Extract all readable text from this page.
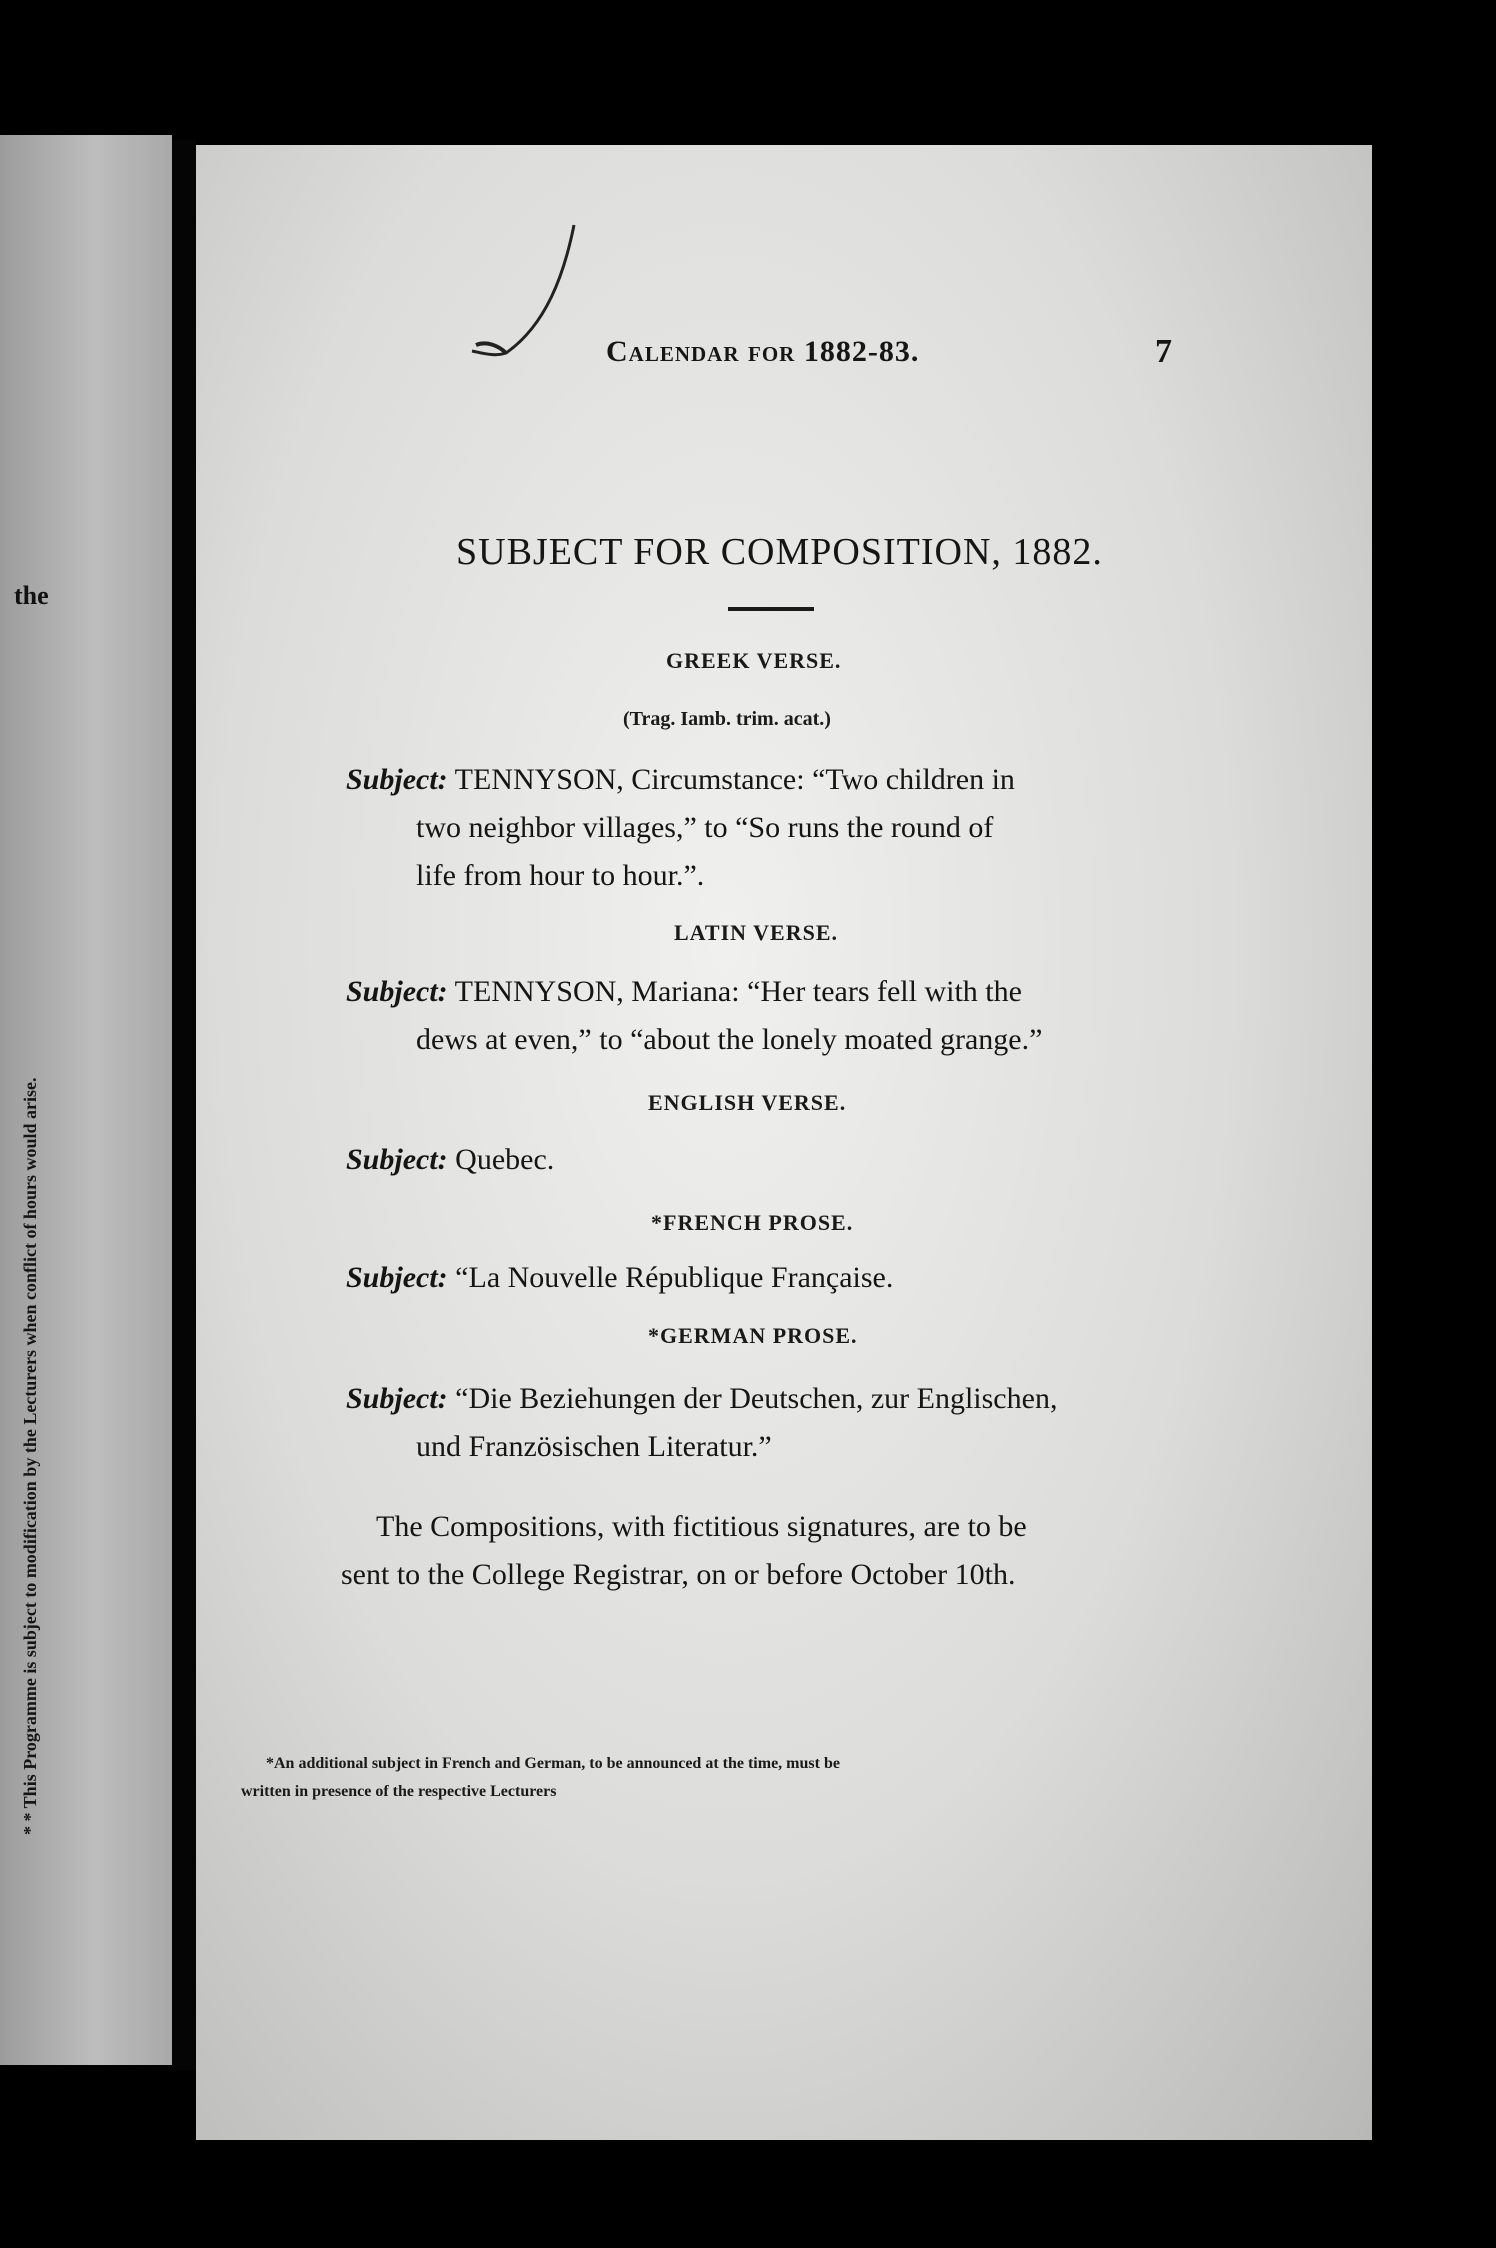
the
* * This Programme is subject to modification by the Lecturers when conflict of hours would arise.
Calendar for 1882-83.	7
SUBJECT FOR COMPOSITION, 1882.
GREEK VERSE.
(Trag. Iamb. trim. acat.)
Subject: TENNYSON, Circumstance: “Two children in
two neighbor villages,” to “So runs the round of
life from hour to hour.”.
LATIN VERSE.
Subject: TENNYSON, Mariana: “Her tears fell with the
dews at even,” to “about the lonely moated grange.”
ENGLISH VERSE.
Subject: Quebec.
*FRENCH PROSE.
Subject: “La Nouvelle République Française.
*GERMAN PROSE.
Subject: “Die Beziehungen der Deutschen, zur Englischen,
und Französischen Literatur.”
The Compositions, with fictitious signatures, are to be
sent to the College Registrar, on or before October 10th.
*An additional subject in French and German, to be announced at the time, must be
written in presence of the respective Lecturers
